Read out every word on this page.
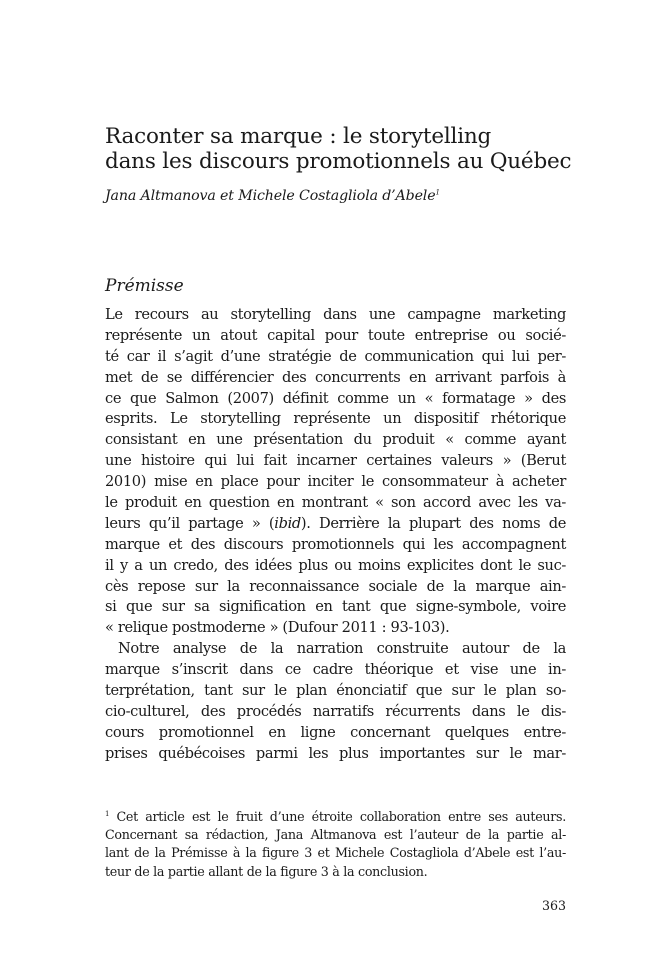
Raconter sa marque : le storytelling
dans les discours promotionnels au Québec
Jana Altmanova et Michele Costagliola d’Abele$^1$
Prémisse
Le recours au storytelling dans une campagne marketing
représente un atout capital pour toute entreprise ou socié-
té car il s’agit d’une stratégie de communication qui lui per-
met de se différencier des concurrents en arrivant parfois à
ce que Salmon (2007) définit comme un « formatage » des
esprits. Le storytelling représente un dispositif rhétorique
consistant en une présentation du produit « comme ayant
une histoire qui lui fait incarner certaines valeurs » (Berut
2010) mise en place pour inciter le consommateur à acheter
le produit en question en montrant « son accord avec les va-
leurs qu’il partage » (ibid). Derrière la plupart des noms de
marque et des discours promotionnels qui les accompagnent
il y a un credo, des idées plus ou moins explicites dont le suc-
cès repose sur la reconnaissance sociale de la marque ain-
si que sur sa signification en tant que signe-symbole, voire
« relique postmoderne » (Dufour 2011 : 93-103).
Notre analyse de la narration construite autour de la
marque s’inscrit dans ce cadre théorique et vise une in-
terprétation, tant sur le plan énonciatif que sur le plan so-
cio-culturel, des procédés narratifs récurrents dans le dis-
cours promotionnel en ligne concernant quelques entre-
prises québécoises parmi les plus importantes sur le mar-
$^1$ Cet article est le fruit d’une étroite collaboration entre ses auteurs.
Concernant sa rédaction, Jana Altmanova est l’auteur de la partie al-
lant de la Prémisse à la figure 3 et Michele Costagliola d’Abele est l’au-
teur de la partie allant de la figure 3 à la conclusion.
363
